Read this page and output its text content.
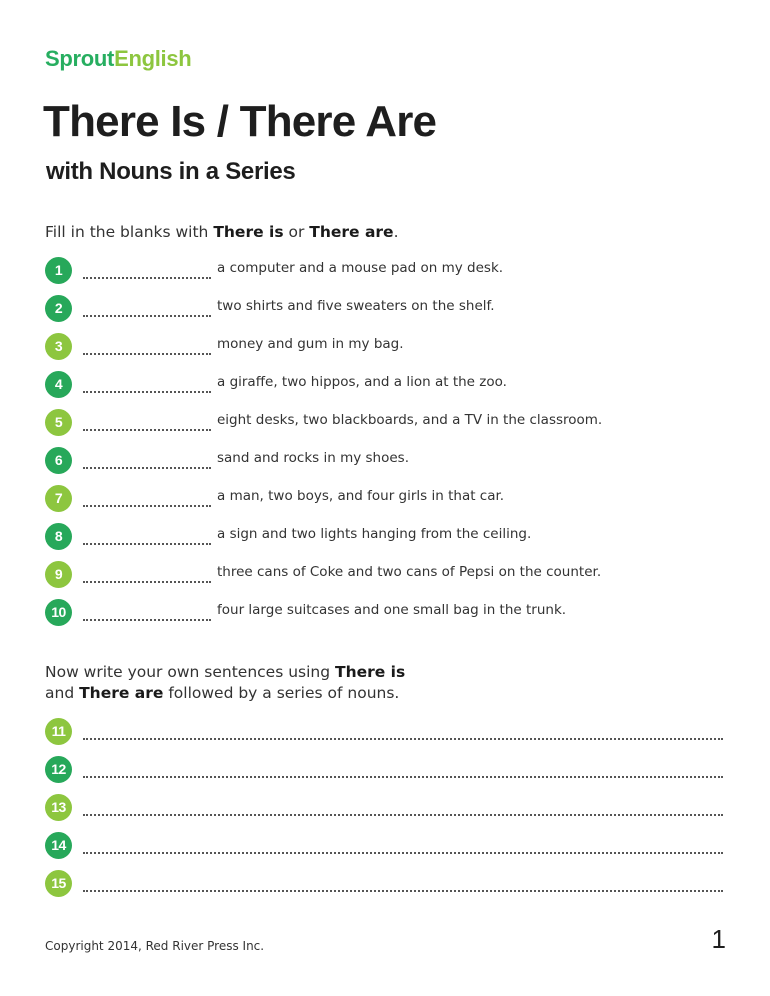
SproutEnglish
There Is / There Are
with Nouns in a Series
Fill in the blanks with There is or There are.
1	a computer and a mouse pad on my desk.
2	two shirts and five sweaters on the shelf.
3	money and gum in my bag.
4	a giraffe, two hippos, and a lion at the zoo.
5	eight desks, two blackboards, and a TV in the classroom.
6	sand and rocks in my shoes.
7	a man, two boys, and four girls in that car.
8	a sign and two lights hanging from the ceiling.
9	three cans of Coke and two cans of Pepsi on the counter.
10	four large suitcases and one small bag in the trunk.
Now write your own sentences using There is
and There are followed by a series of nouns.
11
12
13
14
15
Copyright 2014, Red River Press Inc.	1
